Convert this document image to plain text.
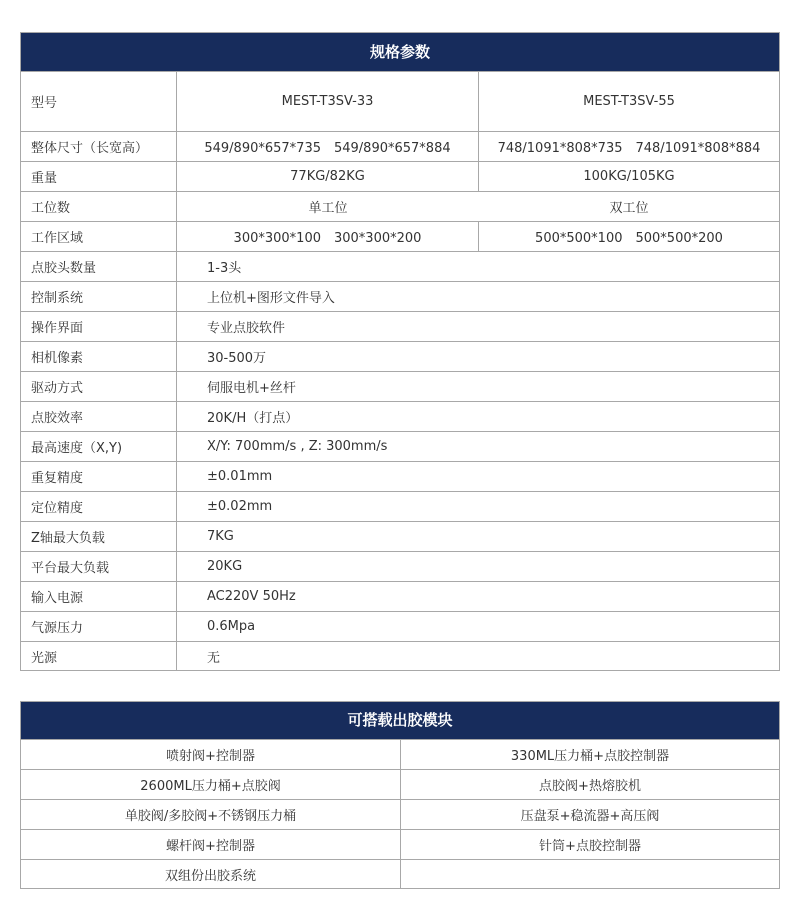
规格参数
型号	MEST-T3SV-33	MEST-T3SV-55
整体尺寸（长宽高）	549/890*657*735　549/890*657*884	748/1091*808*735　748/1091*808*884
重量	77KG/82KG	100KG/105KG
工位数	单工位	双工位
工作区域	300*300*100　300*300*200	500*500*100　500*500*200
点胶头数量	1-3头
控制系统	上位机+图形文件导入
操作界面	专业点胶软件
相机像素	30-500万
驱动方式	伺服电机+丝杆
点胶效率	20K/H（打点）
最高速度（X,Y)	X/Y: 700mm/s , Z: 300mm/s
重复精度	±0.01mm
定位精度	±0.02mm
Z轴最大负载	7KG
平台最大负载	20KG
输入电源	AC220V 50Hz
气源压力	0.6Mpa
光源	无
可搭载出胶模块
喷射阀+控制器	330ML压力桶+点胶控制器
2600ML压力桶+点胶阀	点胶阀+热熔胶机
单胶阀/多胶阀+不锈钢压力桶	压盘泵+稳流器+高压阀
螺杆阀+控制器	针筒+点胶控制器
双组份出胶系统
